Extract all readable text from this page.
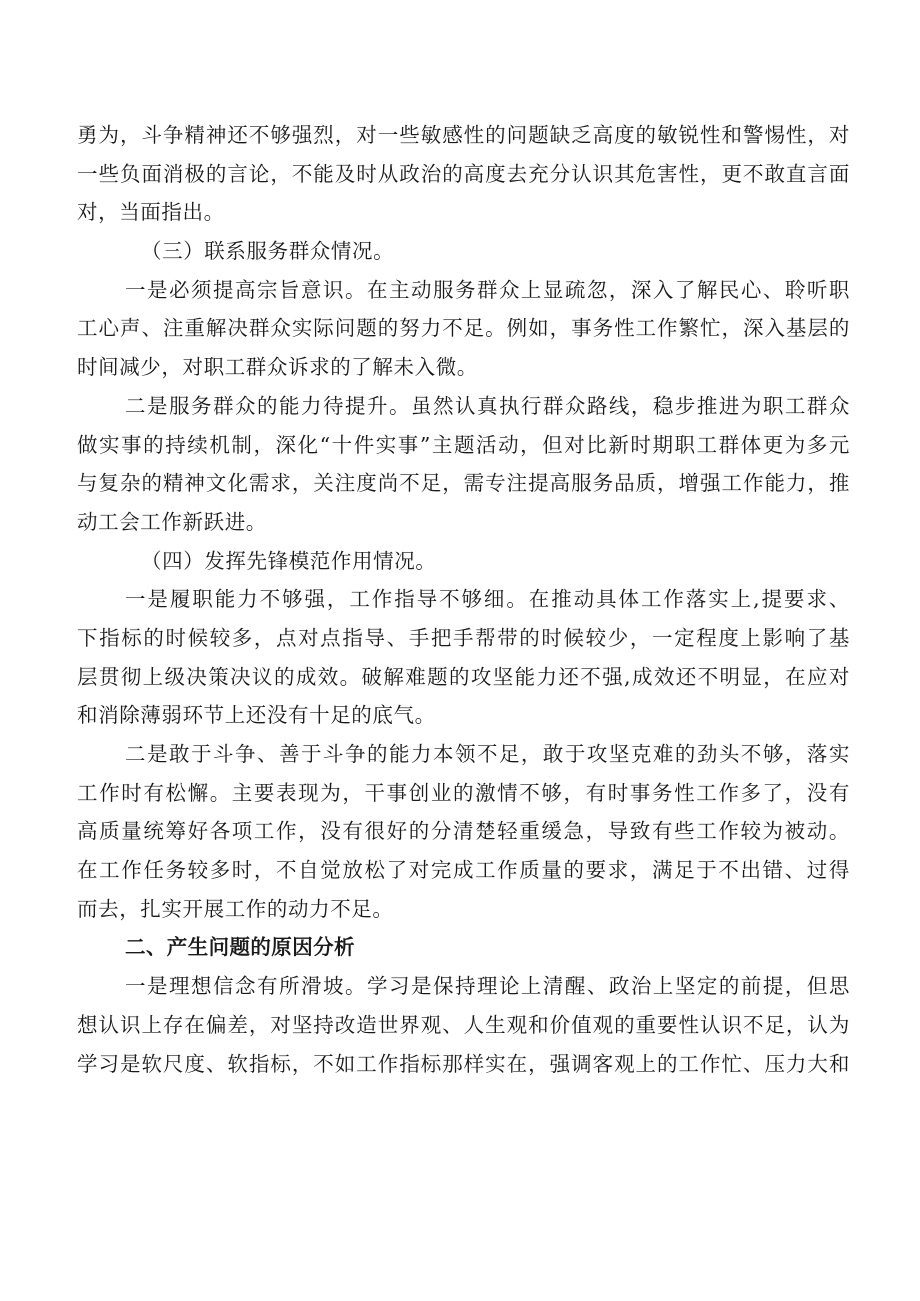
勇为，斗争精神还不够强烈，对一些敏感性的问题缺乏高度的敏锐性和警惕性，对
一些负面消极的言论，不能及时从政治的高度去充分认识其危害性，更不敢直言面
对，当面指出。
（三）联系服务群众情况。
一是必须提高宗旨意识。在主动服务群众上显疏忽，深入了解民心、聆听职
工心声、注重解决群众实际问题的努力不足。例如，事务性工作繁忙，深入基层的
时间减少，对职工群众诉求的了解未入微。
二是服务群众的能力待提升。虽然认真执行群众路线，稳步推进为职工群众
做实事的持续机制，深化“十件实事”主题活动，但对比新时期职工群体更为多元
与复杂的精神文化需求，关注度尚不足，需专注提高服务品质，增强工作能力，推
动工会工作新跃进。
（四）发挥先锋模范作用情况。
一是履职能力不够强，工作指导不够细。在推动具体工作落实上,提要求、
下指标的时候较多，点对点指导、手把手帮带的时候较少，一定程度上影响了基
层贯彻上级决策决议的成效。破解难题的攻坚能力还不强,成效还不明显，在应对
和消除薄弱环节上还没有十足的底气。
二是敢于斗争、善于斗争的能力本领不足，敢于攻坚克难的劲头不够，落实
工作时有松懈。主要表现为，干事创业的激情不够，有时事务性工作多了，没有
高质量统筹好各项工作，没有很好的分清楚轻重缓急，导致有些工作较为被动。
在工作任务较多时，不自觉放松了对完成工作质量的要求，满足于不出错、过得
而去，扎实开展工作的动力不足。
二、产生问题的原因分析
一是理想信念有所滑坡。学习是保持理论上清醒、政治上坚定的前提，但思
想认识上存在偏差，对坚持改造世界观、人生观和价值观的重要性认识不足，认为
学习是软尺度、软指标，不如工作指标那样实在，强调客观上的工作忙、压力大和
